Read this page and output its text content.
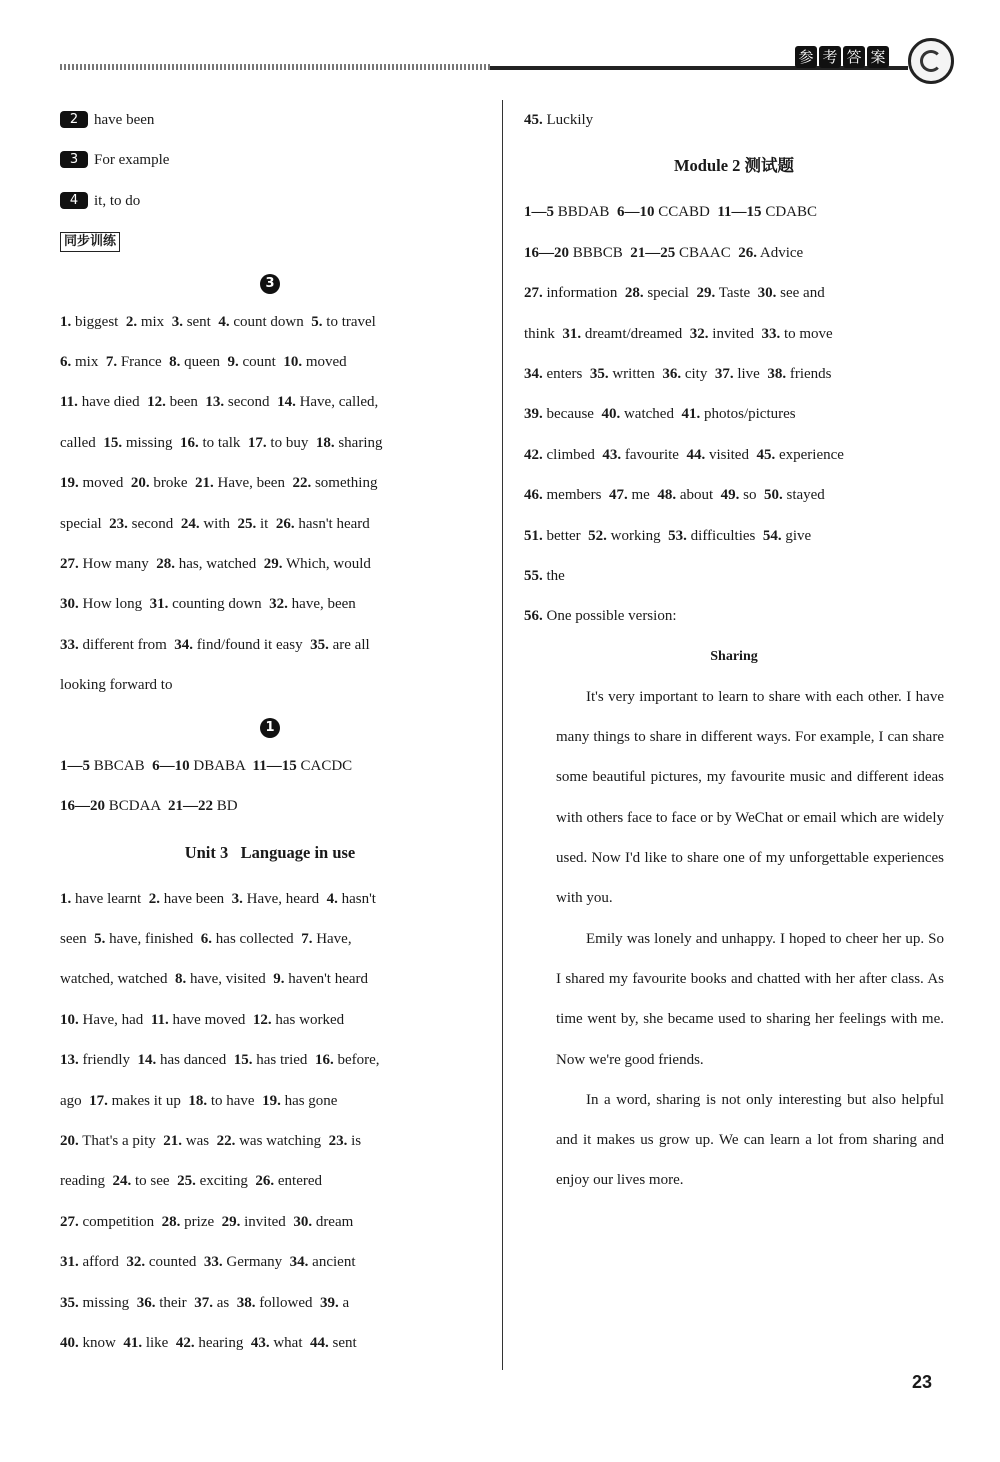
参 考 答 案
2 have been
3 For example
4 it, to do
同步训练
3
1. biggest  2. mix  3. sent  4. count down  5. to travel
6. mix  7. France  8. queen  9. count  10. moved
11. have died  12. been  13. second  14. Have, called,
called  15. missing  16. to talk  17. to buy  18. sharing
19. moved  20. broke  21. Have, been  22. something
special  23. second  24. with  25. it  26. hasn't heard
27. How many  28. has, watched  29. Which, would
30. How long  31. counting down  32. have, been
33. different from  34. find/found it easy  35. are all
looking forward to
1
1—5 BBCAB  6—10 DBABA  11—15 CACDC
16—20 BCDAA  21—22 BD
Unit 3   Language in use
1. have learnt  2. have been  3. Have, heard  4. hasn't
seen  5. have, finished  6. has collected  7. Have,
watched, watched  8. have, visited  9. haven't heard
10. Have, had  11. have moved  12. has worked
13. friendly  14. has danced  15. has tried  16. before,
ago  17. makes it up  18. to have  19. has gone
20. That's a pity  21. was  22. was watching  23. is
reading  24. to see  25. exciting  26. entered
27. competition  28. prize  29. invited  30. dream
31. afford  32. counted  33. Germany  34. ancient
35. missing  36. their  37. as  38. followed  39. a
40. know  41. like  42. hearing  43. what  44. sent
45. Luckily
Module 2 测试题
1—5 BBDAB  6—10 CCABD  11—15 CDABC
16—20 BBBCB  21—25 CBAAC  26. Advice
27. information  28. special  29. Taste  30. see and
think  31. dreamt/dreamed  32. invited  33. to move
34. enters  35. written  36. city  37. live  38. friends
39. because  40. watched  41. photos/pictures
42. climbed  43. favourite  44. visited  45. experience
46. members  47. me  48. about  49. so  50. stayed
51. better  52. working  53. difficulties  54. give
55. the
56. One possible version:
Sharing

It's very important to learn to share with each other. I have many things to share in different ways. For example, I can share some beautiful pictures, my favourite music and different ideas with others face to face or by WeChat or email which are widely used. Now I'd like to share one of my unforgettable experiences with you.

Emily was lonely and unhappy. I hoped to cheer her up. So I shared my favourite books and chatted with her after class. As time went by, she became used to sharing her feelings with me. Now we're good friends.

In a word, sharing is not only interesting but also helpful and it makes us grow up. We can learn a lot from sharing and enjoy our lives more.

23
